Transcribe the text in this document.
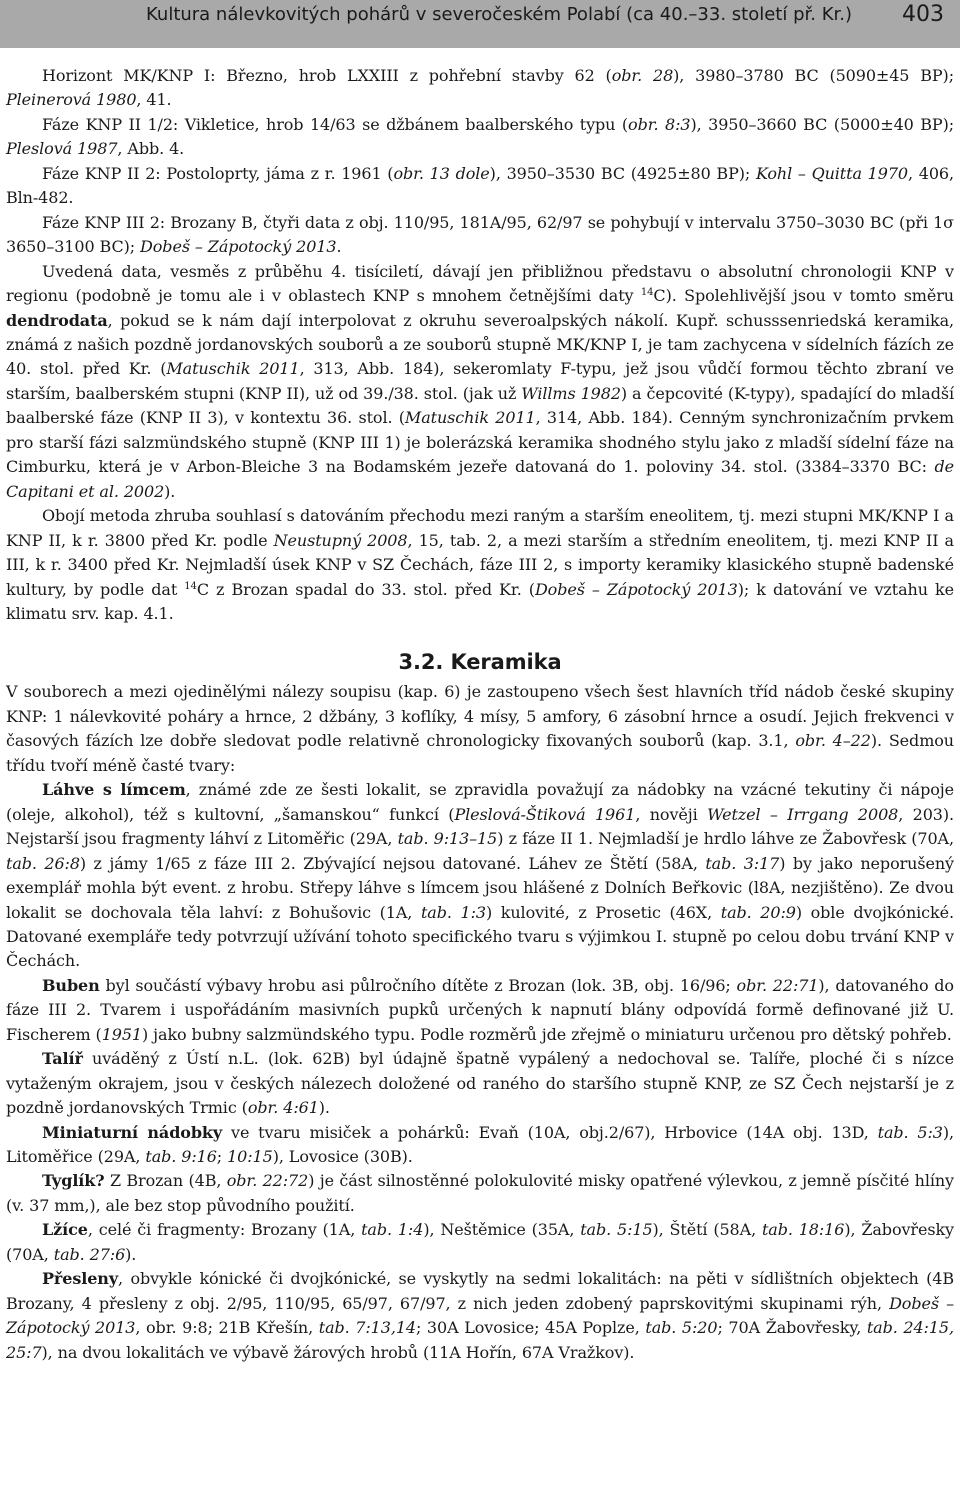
Kultura nálevkovitých pohárů v severočeském Polabí (ca 40.–33. století př. Kr.) 403

Horizont MK/KNP I: Březno, hrob LXXIII z pohřební stavby 62 (obr. 28), 3980–3780 BC (5090±45 BP); Pleinerová 1980, 41.

Fáze KNP II 1/2: Vikletice, hrob 14/63 se džbánem baalberského typu (obr. 8:3), 3950–3660 BC (5000±40 BP); Pleslová 1987, Abb. 4.

Fáze KNP II 2: Postoloprty, jáma z r. 1961 (obr. 13 dole), 3950–3530 BC (4925±80 BP); Kohl – Quitta 1970, 406, Bln-482.

Fáze KNP III 2: Brozany B, čtyři data z obj. 110/95, 181A/95, 62/97 se pohybují v intervalu 3750–3030 BC (při 1σ 3650–3100 BC); Dobeš – Zápotocký 2013.

Uvedená data, vesměs z průběhu 4. tisíciletí, dávají jen přibližnou představu o absolutní chronologii KNP v regionu (podobně je tomu ale i v oblastech KNP s mnohem četnějšími daty $^{14}$C). Spolehlivější jsou v tomto směru dendrodata, pokud se k nám dají interpolovat z okruhu severoalpských nákolí. Kupř. schusssenriedská keramika, známá z našich pozdně jordanovských souborů a ze souborů stupně MK/KNP I, je tam zachycena v sídelních fázích ze 40. stol. před Kr. (Matuschik 2011, 313, Abb. 184), sekeromlaty F-typu, jež jsou vůdčí formou těchto zbraní ve starším, baalberském stupni (KNP II), už od 39./38. stol. (jak už Willms 1982) a čepcovité (K-typy), spadající do mladší baalberské fáze (KNP II 3), v kontextu 36. stol. (Matuschik 2011, 314, Abb. 184). Cenným synchronizačním prvkem pro starší fázi salzmündského stupně (KNP III 1) je bolerázská keramika shodného stylu jako z mladší sídelní fáze na Cimburku, která je v Arbon-Bleiche 3 na Bodamském jezeře datovaná do 1. poloviny 34. stol. (3384–3370 BC: de Capitani et al. 2002).

Obojí metoda zhruba souhlasí s datováním přechodu mezi raným a starším eneolitem, tj. mezi stupni MK/KNP I a KNP II, k r. 3800 před Kr. podle Neustupný 2008, 15, tab. 2, a mezi starším a středním eneolitem, tj. mezi KNP II a III, k r. 3400 před Kr. Nejmladší úsek KNP v SZ Čechách, fáze III 2, s importy keramiky klasického stupně badenské kultury, by podle dat $^{14}$C z Brozan spadal do 33. stol. před Kr. (Dobeš – Zápotocký 2013); k datování ve vztahu ke klimatu srv. kap. 4.1.

3.2. Keramika

V souborech a mezi ojedinělými nálezy soupisu (kap. 6) je zastoupeno všech šest hlavních tříd nádob české skupiny KNP: 1 nálevkovité poháry a hrnce, 2 džbány, 3 koflíky, 4 mísy, 5 amfory, 6 zásobní hrnce a osudí. Jejich frekvenci v časových fázích lze dobře sledovat podle relativně chronologicky fixovaných souborů (kap. 3.1, obr. 4–22). Sedmou třídu tvoří méně časté tvary:

Láhve s límcem, známé zde ze šesti lokalit, se zpravidla považují za nádobky na vzácné tekutiny či nápoje (oleje, alkohol), též s kultovní, „šamanskou“ funkcí (Pleslová-Štiková 1961, nověji Wetzel – Irrgang 2008, 203). Nejstarší jsou fragmenty láhví z Litoměřic (29A, tab. 9:13–15) z fáze II 1. Nejmladší je hrdlo láhve ze Žabovřesk (70A, tab. 26:8) z jámy 1/65 z fáze III 2. Zbývající nejsou datované. Láhev ze Štětí (58A, tab. 3:17) by jako neporušený exemplář mohla být event. z hrobu. Střepy láhve s límcem jsou hlášené z Dolních Beřkovic (l8A, nezjištěno). Ze dvou lokalit se dochovala těla lahví: z Bohušovic (1A, tab. 1:3) kulovité, z Prosetic (46X, tab. 20:9) oble dvojkónické. Datované exempláře tedy potvrzují užívání tohoto specifického tvaru s výjimkou I. stupně po celou dobu trvání KNP v Čechách.

Buben byl součástí výbavy hrobu asi půlročního dítěte z Brozan (lok. 3B, obj. 16/96; obr. 22:71), datovaného do fáze III 2. Tvarem i uspořádáním masivních pupků určených k napnutí blány odpovídá formě definované již U. Fischerem (1951) jako bubny salzmündského typu. Podle rozměrů jde zřejmě o miniaturu určenou pro dětský pohřeb.

Talíř uváděný z Ústí n.L. (lok. 62B) byl údajně špatně vypálený a nedochoval se. Talíře, ploché či s nízce vytaženým okrajem, jsou v českých nálezech doložené od raného do staršího stupně KNP, ze SZ Čech nejstarší je z pozdně jordanovských Trmic (obr. 4:61).

Miniaturní nádobky ve tvaru misiček a pohárků: Evaň (10A, obj.2/67), Hrbovice (14A obj. 13D, tab. 5:3), Litoměřice (29A, tab. 9:16; 10:15), Lovosice (30B).

Tyglík? Z Brozan (4B, obr. 22:72) je část silnostěnné polokulovité misky opatřené výlevkou, z jemně písčité hlíny (v. 37 mm,), ale bez stop původního použití.

Lžíce, celé či fragmenty: Brozany (1A, tab. 1:4), Neštěmice (35A, tab. 5:15), Štětí (58A, tab. 18:16), Žabovřesky (70A, tab. 27:6).

Přesleny, obvykle kónické či dvojkónické, se vyskytly na sedmi lokalitách: na pěti v sídlištních objektech (4B Brozany, 4 přesleny z obj. 2/95, 110/95, 65/97, 67/97, z nich jeden zdobený paprskovitými skupinami rýh, Dobeš – Zápotocký 2013, obr. 9:8; 21B Křešín, tab. 7:13,14; 30A Lovosice; 45A Poplze, tab. 5:20; 70A Žabovřesky, tab. 24:15, 25:7), na dvou lokalitách ve výbavě žárových hrobů (11A Hořín, 67A Vražkov).
